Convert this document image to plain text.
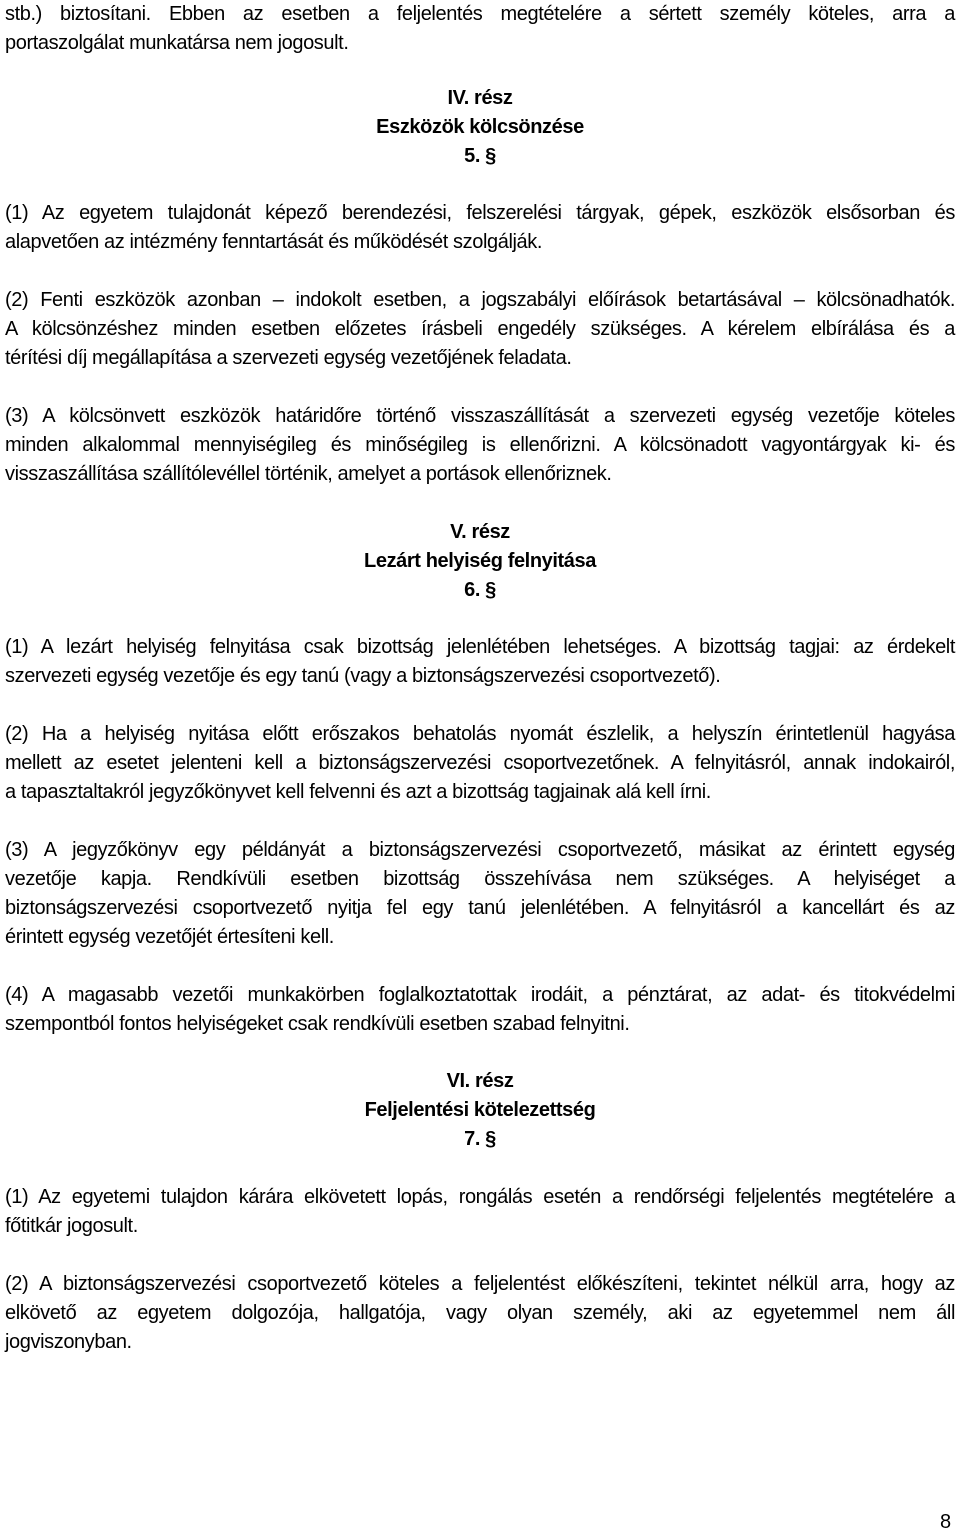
stb.) biztosítani. Ebben az esetben a feljelentés megtételére a sértett személy köteles, arra a
portaszolgálat munkatársa nem jogosult.
IV. rész
Eszközök kölcsönzése
5. §
(1) Az egyetem tulajdonát képező berendezési, felszerelési tárgyak, gépek, eszközök elsősorban és
alapvetően az intézmény fenntartását és működését szolgálják.
(2) Fenti eszközök azonban – indokolt esetben, a jogszabályi előírások betartásával – kölcsönadhatók.
A kölcsönzéshez minden esetben előzetes írásbeli engedély szükséges. A kérelem elbírálása és a
térítési díj megállapítása a szervezeti egység vezetőjének feladata.
(3) A kölcsönvett eszközök határidőre történő visszaszállítását a szervezeti egység vezetője köteles
minden alkalommal mennyiségileg és minőségileg is ellenőrizni. A kölcsönadott vagyontárgyak ki- és
visszaszállítása szállítólevéllel történik, amelyet a portások ellenőriznek.
V. rész
Lezárt helyiség felnyitása
6. §
(1) A lezárt helyiség felnyitása csak bizottság jelenlétében lehetséges. A bizottság tagjai: az érdekelt
szervezeti egység vezetője és egy tanú (vagy a biztonságszervezési csoportvezető).
(2) Ha a helyiség nyitása előtt erőszakos behatolás nyomát észlelik, a helyszín érintetlenül hagyása
mellett az esetet jelenteni kell a biztonságszervezési csoportvezetőnek. A felnyitásról, annak indokairól,
a tapasztaltakról jegyzőkönyvet kell felvenni és azt a bizottság tagjainak alá kell írni.
(3) A jegyzőkönyv egy példányát a biztonságszervezési csoportvezető, másikat az érintett egység
vezetője kapja. Rendkívüli esetben bizottság összehívása nem szükséges. A helyiséget a
biztonságszervezési csoportvezető nyitja fel egy tanú jelenlétében. A felnyitásról a kancellárt és az
érintett egység vezetőjét értesíteni kell.
(4) A magasabb vezetői munkakörben foglalkoztatottak irodáit, a pénztárat, az adat- és titokvédelmi
szempontból fontos helyiségeket csak rendkívüli esetben szabad felnyitni.
VI. rész
Feljelentési kötelezettség
7. §
(1) Az egyetemi tulajdon kárára elkövetett lopás, rongálás esetén a rendőrségi feljelentés megtételére a
főtitkár jogosult.
(2) A biztonságszervezési csoportvezető köteles a feljelentést előkészíteni, tekintet nélkül arra, hogy az
elkövető az egyetem dolgozója, hallgatója, vagy olyan személy, aki az egyetemmel nem áll
jogviszonyban.
8
